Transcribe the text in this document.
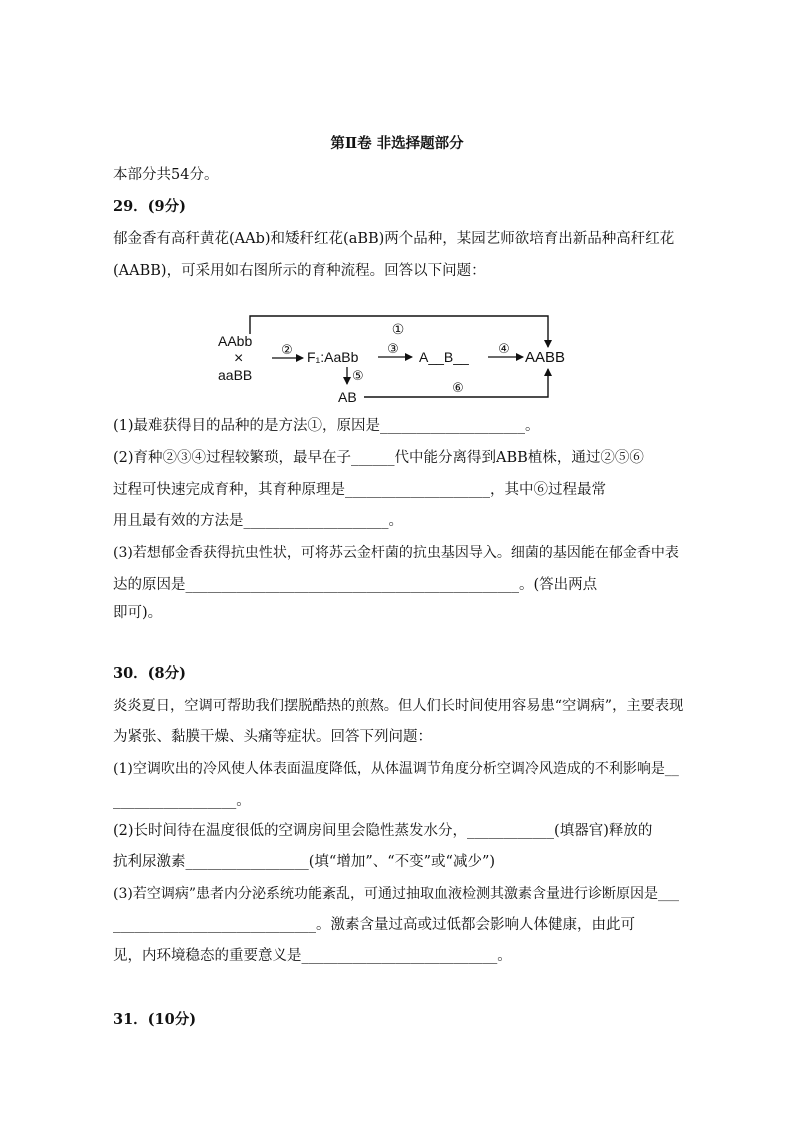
第Ⅱ卷 非选择题部分
本部分共54分。
29．(9分)
郁金香有高秆黄花(AAb)和矮秆红花(aBB)两个品种，某园艺师欲培育出新品种高秆红花
(AABB)，可采用如右图所示的育种流程。回答以下问题：
①
AAbb
×
aaBB
② F₁:AaBb
③
A__B__
④
AABB
⑤
AB
⑥
(1)最难获得目的品种的是方法①，原因是____________________。
(2)育种②③④过程较繁琐，最早在子______代中能分离得到ABB植株，通过②⑤⑥
过程可快速完成育种，其育种原理是____________________，其中⑥过程最常
用且最有效的方法是____________________。
(3)若想郁金香获得抗虫性状，可将苏云金杆菌的抗虫基因导入。细菌的基因能在郁金香中表
达的原因是______________________________________________。(答出两点
即可)。
30．(8分)
炎炎夏日，空调可帮助我们摆脱酷热的煎熬。但人们长时间使用容易患“空调病”，主要表现
为紧张、黏膜干燥、头痛等症状。回答下列问题：
(1)空调吹出的冷风使人体表面温度降低，从体温调节角度分析空调冷风造成的不利影响是__
_________________。
(2)长时间待在温度很低的空调房间里会隐性蒸发水分，____________(填器官)释放的
抗利尿激素_________________(填“增加”、“不变”或“减少”)
(3)若空调病”患者内分泌系统功能紊乱，可通过抽取血液检测其激素含量进行诊断原因是___
____________________________。激素含量过高或过低都会影响人体健康，由此可
见，内环境稳态的重要意义是___________________________。
31．(10分)
